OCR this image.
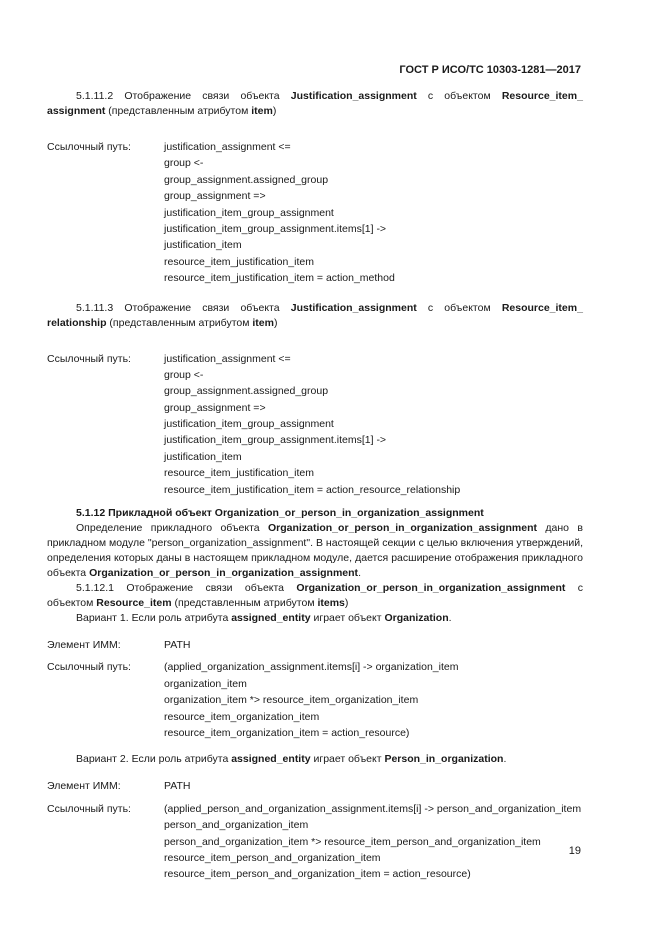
ГОСТ Р ИСО/ТС 10303-1281—2017
5.1.11.2 Отображение связи объекта Justification_assignment с объектом Resource_item_

assignment (представленным атрибутом item)

Ссылочный путь:	justification_assignment <=
group <-
group_assignment.assigned_group
group_assignment =>
justification_item_group_assignment
justification_item_group_assignment.items[1] ->
justification_item
resource_item_justification_item
resource_item_justification_item = action_method
5.1.11.3 Отображение связи объекта Justification_assignment с объектом Resource_item_

relationship (представленным атрибутом item)

Ссылочный путь:	justification_assignment <=
group <-
group_assignment.assigned_group
group_assignment =>
justification_item_group_assignment
justification_item_group_assignment.items[1] ->
justification_item
resource_item_justification_item
resource_item_justification_item = action_resource_relationship

5.1.12 Прикладной объект Organization_or_person_in_organization_assignment

Определение прикладного объекта Organization_or_person_in_organization_assignment дано в прикладном модуле "person_organization_assignment". В настоящей секции с целью включения утверждений, определения которых даны в настоящем прикладном модуле, дается расширение отображения прикладного объекта Organization_or_person_in_organization_assignment.

5.1.12.1 Отображение связи объекта Organization_or_person_in_organization_assignment с

объектом Resource_item (представленным атрибутом items)

Вариант 1. Если роль атрибута assigned_entity играет объект Organization.

Элемент ИММ:	PATH
Ссылочный путь:	(applied_organization_assignment.items[i] -> organization_item
organization_item
organization_item *> resource_item_organization_item
resource_item_organization_item
resource_item_organization_item = action_resource)

Вариант 2. Если роль атрибута assigned_entity играет объект Person_in_organization.

Элемент ИММ:	PATH
Ссылочный путь:	(applied_person_and_organization_assignment.items[i] -> person_and_organization_item
person_and_organization_item
person_and_organization_item *> resource_item_person_and_organization_item
resource_item_person_and_organization_item
resource_item_person_and_organization_item = action_resource)
19
